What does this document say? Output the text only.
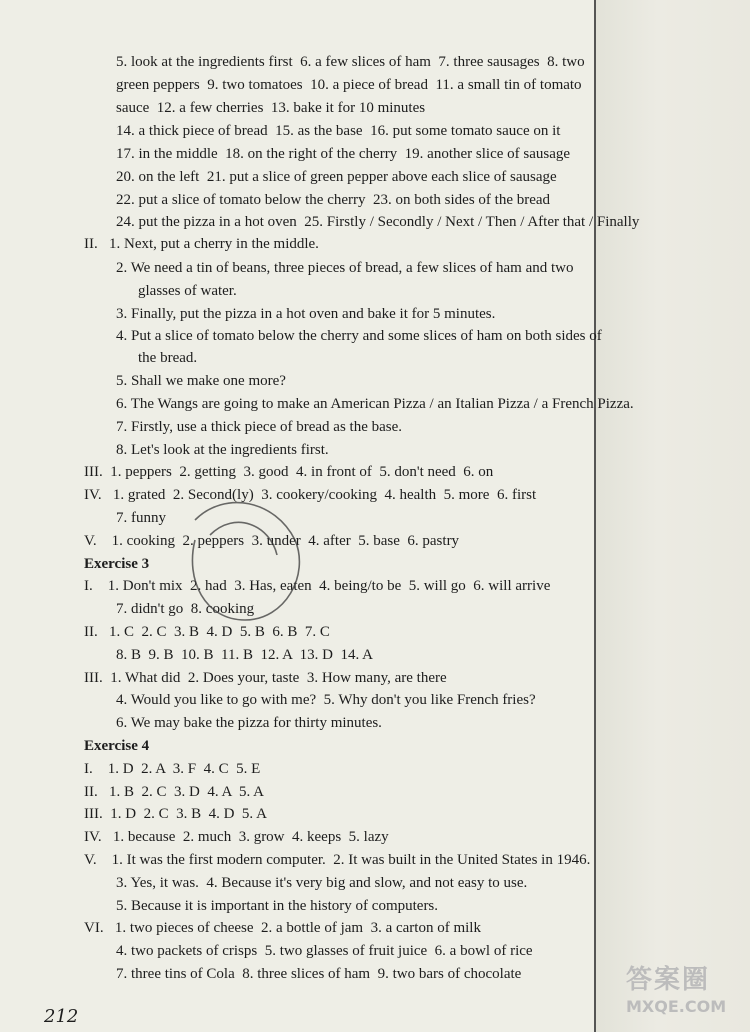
5. look at the ingredients first  6. a few slices of ham  7. three sausages  8. two
green peppers  9. two tomatoes  10. a piece of bread  11. a small tin of tomato
sauce  12. a few cherries  13. bake it for 10 minutes
14. a thick piece of bread  15. as the base  16. put some tomato sauce on it
17. in the middle  18. on the right of the cherry  19. another slice of sausage
20. on the left  21. put a slice of green pepper above each slice of sausage
22. put a slice of tomato below the cherry  23. on both sides of the bread
24. put the pizza in a hot oven  25. Firstly / Secondly / Next / Then / After that / Finally
II.   1. Next, put a cherry in the middle.
2. We need a tin of beans, three pieces of bread, a few slices of ham and two
glasses of water.
3. Finally, put the pizza in a hot oven and bake it for 5 minutes.
4. Put a slice of tomato below the cherry and some slices of ham on both sides of
the bread.
5. Shall we make one more?
6. The Wangs are going to make an American Pizza / an Italian Pizza / a French Pizza.
7. Firstly, use a thick piece of bread as the base.
8. Let's look at the ingredients first.
III.  1. peppers  2. getting  3. good  4. in front of  5. don't need  6. on
IV.   1. grated  2. Second(ly)  3. cookery/cooking  4. health  5. more  6. first
7. funny
V.    1. cooking  2. peppers  3. under  4. after  5. base  6. pastry
Exercise 3
I.    1. Don't mix  2. had  3. Has, eaten  4. being/to be  5. will go  6. will arrive
7. didn't go  8. cooking
II.   1. C  2. C  3. B  4. D  5. B  6. B  7. C
8. B  9. B  10. B  11. B  12. A  13. D  14. A
III.  1. What did  2. Does your, taste  3. How many, are there
4. Would you like to go with me?  5. Why don't you like French fries?
6. We may bake the pizza for thirty minutes.
Exercise 4
I.    1. D  2. A  3. F  4. C  5. E
II.   1. B  2. C  3. D  4. A  5. A
III.  1. D  2. C  3. B  4. D  5. A
IV.   1. because  2. much  3. grow  4. keeps  5. lazy
V.    1. It was the first modern computer.  2. It was built in the United States in 1946.
3. Yes, it was.  4. Because it's very big and slow, and not easy to use.
5. Because it is important in the history of computers.
VI.   1. two pieces of cheese  2. a bottle of jam  3. a carton of milk
4. two packets of crisps  5. two glasses of fruit juice  6. a bowl of rice
7. three tins of Cola  8. three slices of ham  9. two bars of chocolate
212
答案圈
MXQE.COM
